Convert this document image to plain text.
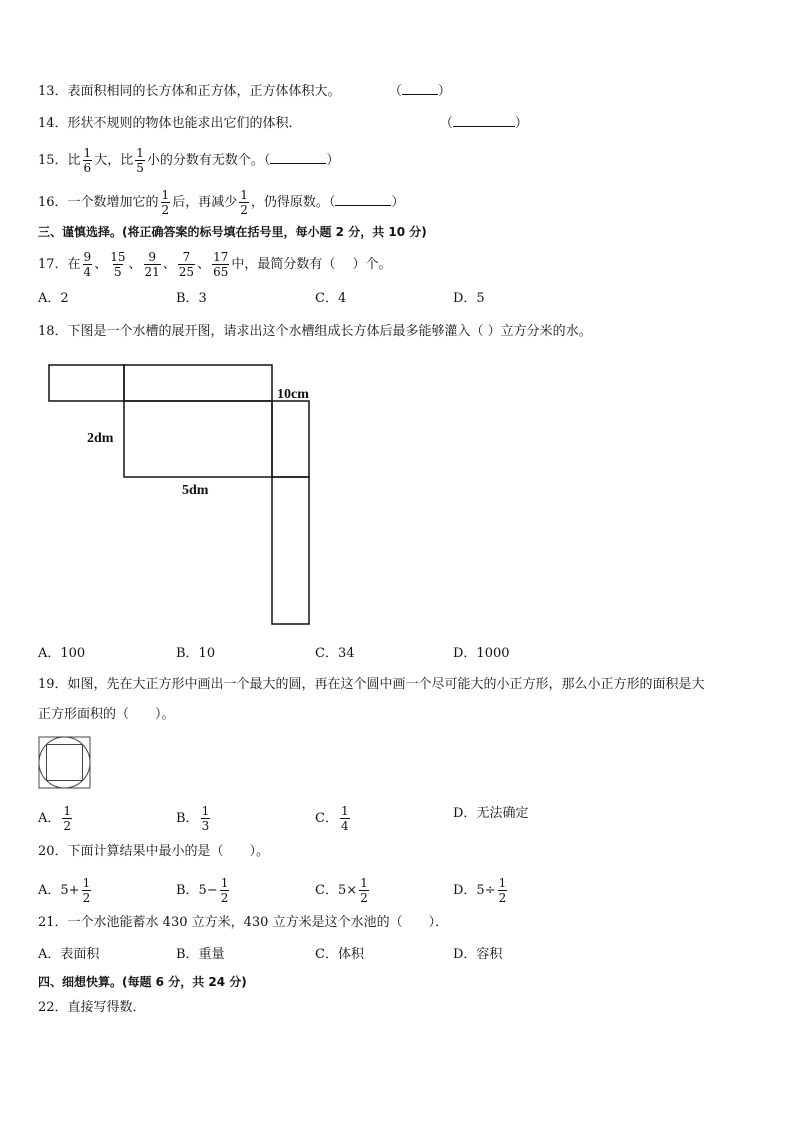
13．表面积相同的长方体和正方体，正方体体积大。	（	）
14．形状不规则的物体也能求出它们的体积．	（	）
15．比 $\frac{1}{6}$ 大，比 $\frac{1}{5}$ 小的分数有无数个。（	）
16．一个数增加它的 $\frac{1}{2}$ 后，再减少 $\frac{1}{2}$ ，仍得原数。（	）
三、谨慎选择。(将正确答案的标号填在括号里，每小题 2 分，共 10 分)
17．在 $\frac{9}{4}$ 、 $\frac{15}{5}$ 、 $\frac{9}{21}$ 、 $\frac{7}{25}$ 、 $\frac{17}{65}$ 中，最简分数有（　 ）个。
A．2	B．3	C．4	D．5
18．下图是一个水槽的展开图，请求出这个水槽组成长方体后最多能够灌入（ ）立方分米的水。
10cm
2dm
5dm
A．100	B．10	C．34	D．1000
19．如图，先在大正方形中画出一个最大的圆，再在这个圆中画一个尽可能大的小正方形，那么小正方形的面积是大
正方形面积的（　　）。
A． $\frac{1}{2}$	B． $\frac{1}{3}$	C． $\frac{1}{4}$	D．无法确定
20．下面计算结果中最小的是（　　）。
A．$5+ \frac{1}{2}$	B．$5- \frac{1}{2}$	C．$5\times \frac{1}{2}$	D．$5\div \frac{1}{2}$
21．一个水池能蓄水 430 立方米，430 立方米是这个水池的（　　）．
A．表面积	B．重量	C．体积	D．容积
四、细想快算。(每题 6 分，共 24 分)
22．直接写得数．
